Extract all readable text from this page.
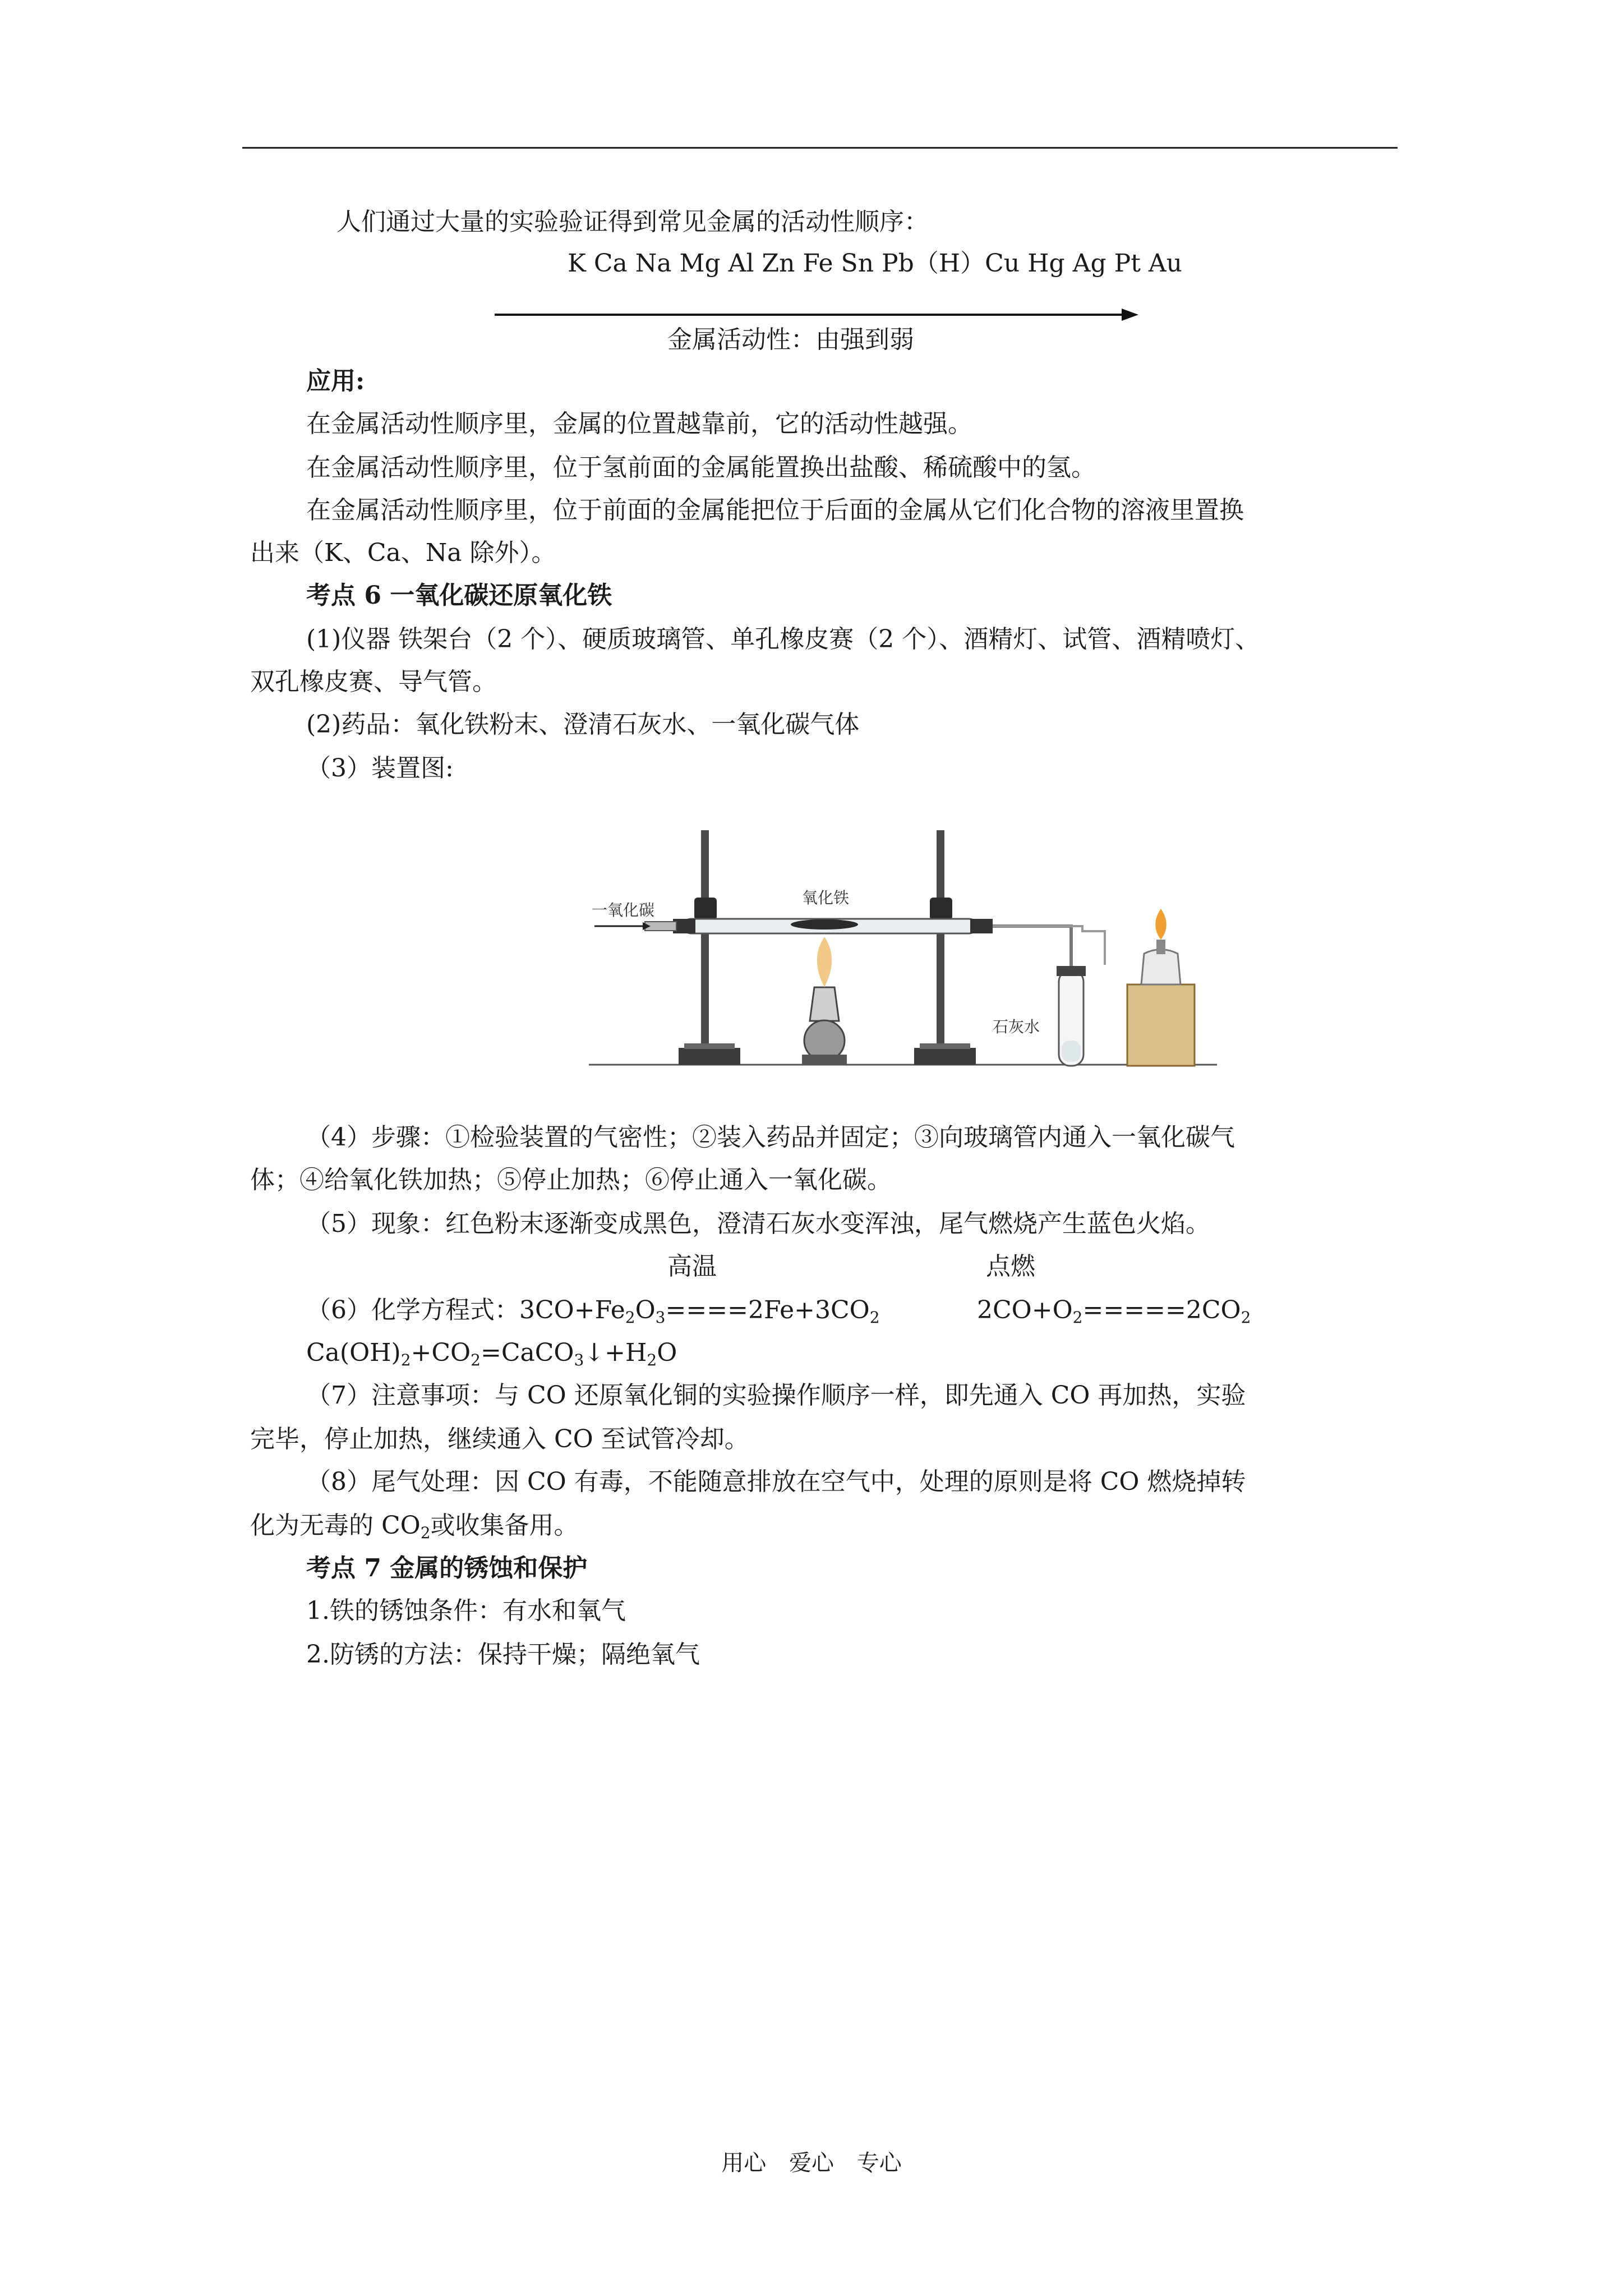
人们通过大量的实验验证得到常见金属的活动性顺序：
K Ca Na Mg Al Zn Fe Sn Pb（H）Cu Hg Ag Pt Au
金属活动性：由强到弱
应用:
在金属活动性顺序里，金属的位置越靠前，它的活动性越强。
在金属活动性顺序里，位于氢前面的金属能置换出盐酸、稀硫酸中的氢。
在金属活动性顺序里，位于前面的金属能把位于后面的金属从它们化合物的溶液里置换
出来（K、Ca、Na 除外）。
考点 6 一氧化碳还原氧化铁
(1)仪器 铁架台（2 个）、硬质玻璃管、单孔橡皮赛（2 个）、酒精灯、试管、酒精喷灯、
双孔橡皮赛、导气管。
(2)药品：氧化铁粉末、澄清石灰水、一氧化碳气体
（3）装置图:
一氧化碳
氧化铁
石灰水
（4）步骤：①检验装置的气密性；②装入药品并固定；③向玻璃管内通入一氧化碳气
体；④给氧化铁加热；⑤停止加热；⑥停止通入一氧化碳。
（5）现象：红色粉末逐渐变成黑色，澄清石灰水变浑浊，尾气燃烧产生蓝色火焰。
高温	点燃
（6）化学方程式：$3CO+Fe_2O_3====2Fe+3CO_2$	$2CO+O_2=====2CO_2$
$Ca(OH)_2+CO_2=CaCO_3↓+H_2O$
（7）注意事项：与 CO 还原氧化铜的实验操作顺序一样，即先通入 CO 再加热，实验
完毕，停止加热，继续通入 CO 至试管冷却。
（8）尾气处理：因 CO 有毒，不能随意排放在空气中，处理的原则是将 CO 燃烧掉转
化为无毒的 $CO_2$或收集备用。
考点 7 金属的锈蚀和保护
1.铁的锈蚀条件：有水和氧气
2.防锈的方法：保持干燥；隔绝氧气
用心 爱心 专心
